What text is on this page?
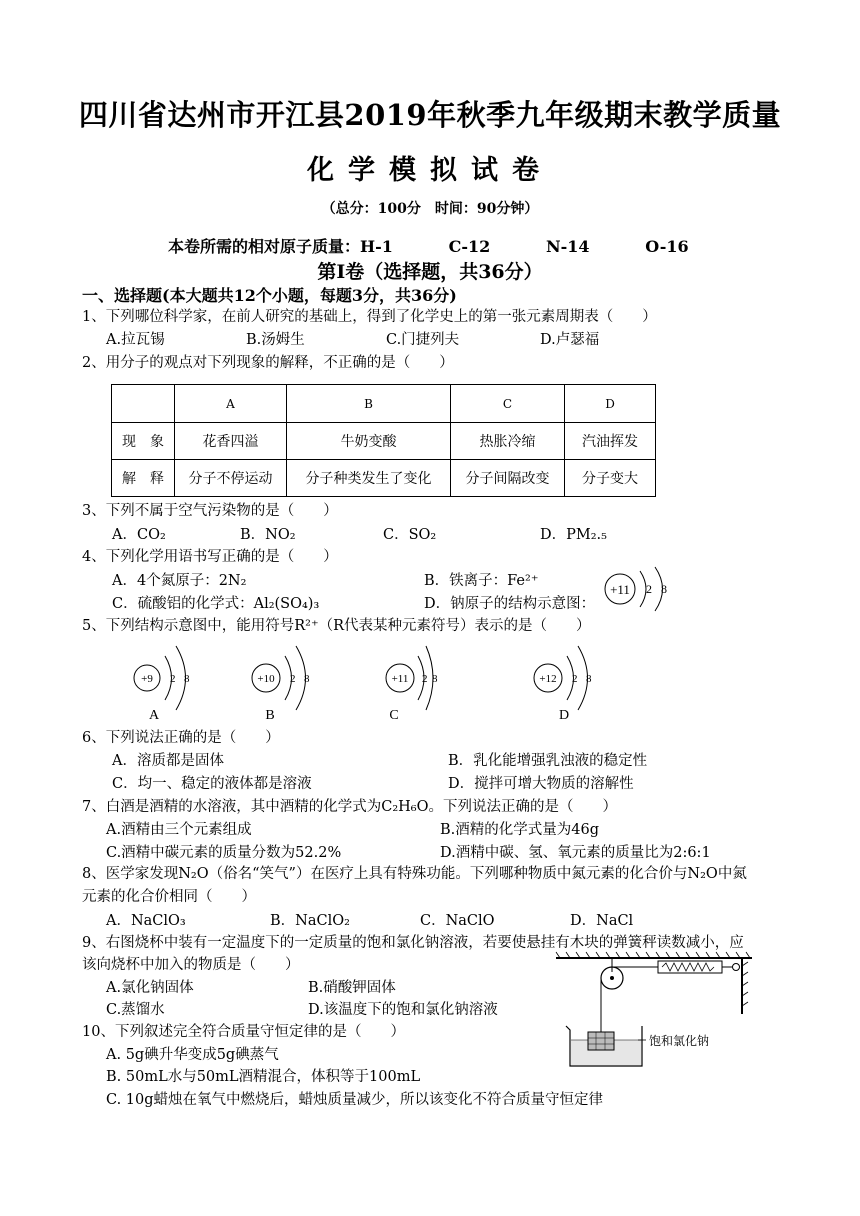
四川省达州市开江县2019年秋季九年级期末教学质量
化学模拟试卷
（总分：100分　时间：90分钟）
本卷所需的相对原子质量：H-1	C-12	N-14	O-16
第Ⅰ卷（选择题，共36分）
一、选择题(本大题共12个小题，每题3分，共36分)
1、下列哪位科学家，在前人研究的基础上，得到了化学史上的第一张元素周期表（　　）
A.拉瓦锡	B.汤姆生	C.门捷列夫	D.卢瑟福
2、用分子的观点对下列现象的解释，不正确的是（　　）
	A	B	C	D
现　象	花香四溢	牛奶变酸	热胀冷缩	汽油挥发
解　释	分子不停运动	分子种类发生了变化	分子间隔改变	分子变大
3、下列不属于空气污染物的是（　　）
A．CO₂	B．NO₂	C．SO₂	D．PM₂.₅
4、下列化学用语书写正确的是（　　）
A．4个氮原子：2N₂	B．铁离子：Fe²⁺
C．硫酸铝的化学式：Al₂(SO₄)₃	D．钠原子的结构示意图：
+11 2 8
5、下列结构示意图中，能用符号R²⁺（R代表某种元素符号）表示的是（　　）
+9 2 8
A
+10 2 8
B
+11 2 8
C
+12 2 8
D
6、下列说法正确的是（　　）
A．溶质都是固体	B．乳化能增强乳浊液的稳定性
C．均一、稳定的液体都是溶液	D．搅拌可增大物质的溶解性
7、白酒是酒精的水溶液，其中酒精的化学式为C₂H₆O。下列说法正确的是（　　）
A.酒精由三个元素组成	B.酒精的化学式量为46g
C.酒精中碳元素的质量分数为52.2%	D.酒精中碳、氢、氧元素的质量比为2:6:1
8、医学家发现N₂O（俗名“笑气”）在医疗上具有特殊功能。下列哪种物质中氮元素的化合价与N₂O中氮
元素的化合价相同（　　）
A．NaClO₃	B．NaClO₂	C．NaClO	D．NaCl
9、右图烧杯中装有一定温度下的一定质量的饱和氯化钠溶液，若要使悬挂有木块的弹簧秤读数减小，应
该向烧杯中加入的物质是（　　）
A.氯化钠固体	B.硝酸钾固体
C.蒸馏水	D.该温度下的饱和氯化钠溶液
饱和氯化钠
10、下列叙述完全符合质量守恒定律的是（　　）
A. 5g碘升华变成5g碘蒸气
B. 50mL水与50mL酒精混合，体积等于100mL
C. 10g蜡烛在氧气中燃烧后，蜡烛质量减少，所以该变化不符合质量守恒定律
